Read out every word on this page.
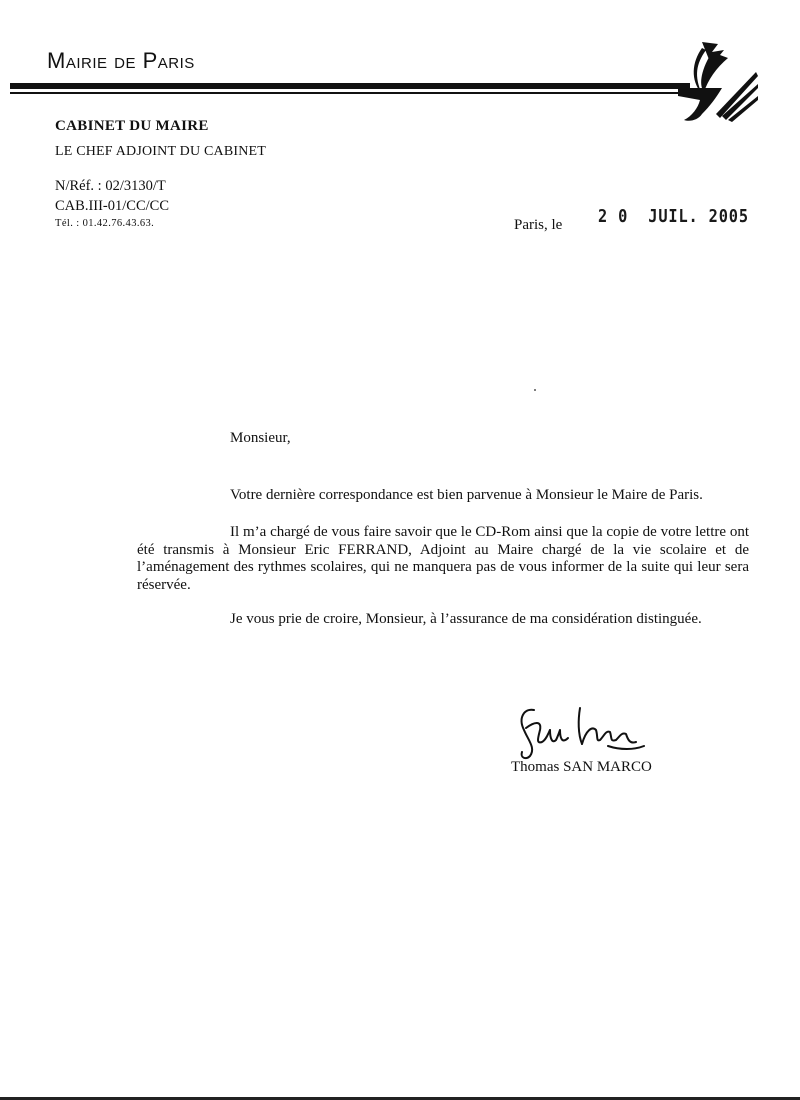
Mairie de Paris
CABINET DU MAIRE
LE CHEF ADJOINT DU CABINET
N/Réf. : 02/3130/T
CAB.III-01/CC/CC
Tél. : 01.42.76.43.63.	Paris, le 2 0  JUIL. 2005
Monsieur,
Votre dernière correspondance est bien parvenue à Monsieur le Maire de Paris.
Il m’a chargé de vous faire savoir que le CD-Rom ainsi que la copie de votre lettre ont été transmis à Monsieur Eric FERRAND, Adjoint au Maire chargé de la vie scolaire et de l’aménagement des rythmes scolaires, qui ne manquera pas de vous informer de la suite qui leur sera réservée.
Je vous prie de croire, Monsieur, à l’assurance de ma considération distinguée.
Thomas SAN MARCO
